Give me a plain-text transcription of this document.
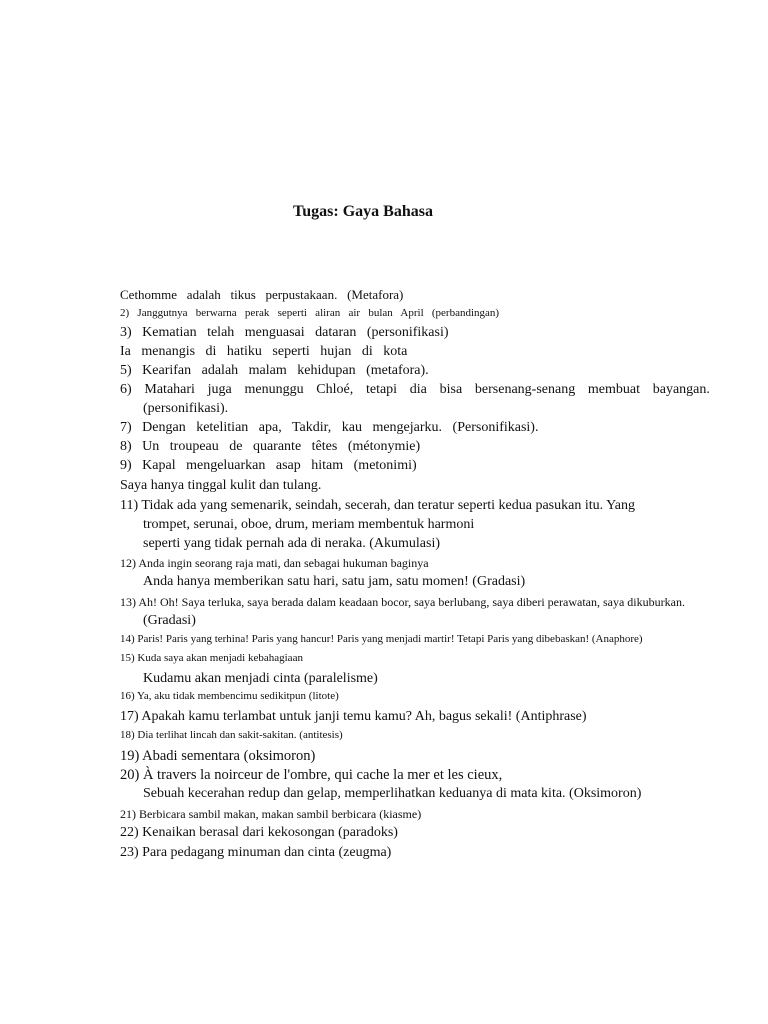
Tugas: Gaya Bahasa
Cethomme   adalah   tikus   perpustakaan.   (Metafora)
2)   Janggutnya   berwarna   perak   seperti   aliran   air   bulan   April   (perbandingan)
3)   Kematian   telah   menguasai   dataran   (personifikasi)
Ia   menangis   di   hatiku   seperti   hujan   di   kota
5)   Kearifan   adalah   malam   kehidupan   (metafora).
6) Matahari juga menunggu Chloé, tetapi dia bisa bersenang-senang membuat bayangan.
(personifikasi).
7)   Dengan   ketelitian   apa,   Takdir,   kau   mengejarku.   (Personifikasi).
8)   Un   troupeau   de   quarante   têtes   (métonymie)
9)   Kapal   mengeluarkan   asap   hitam   (metonimi)
Saya hanya tinggal kulit dan tulang.
11) Tidak ada yang semenarik, seindah, secerah, dan teratur seperti kedua pasukan itu. Yang
trompet, serunai, oboe, drum, meriam membentuk harmoni
seperti yang tidak pernah ada di neraka. (Akumulasi)
12) Anda ingin seorang raja mati, dan sebagai hukuman baginya
Anda hanya memberikan satu hari, satu jam, satu momen! (Gradasi)
13) Ah! Oh! Saya terluka, saya berada dalam keadaan bocor, saya berlubang, saya diberi perawatan, saya dikuburkan.
(Gradasi)
14) Paris! Paris yang terhina! Paris yang hancur! Paris yang menjadi martir! Tetapi Paris yang dibebaskan! (Anaphore)
15) Kuda saya akan menjadi kebahagiaan
Kudamu akan menjadi cinta (paralelisme)
16) Ya, aku tidak membencimu sedikitpun (litote)
17) Apakah kamu terlambat untuk janji temu kamu? Ah, bagus sekali! (Antiphrase)
18) Dia terlihat lincah dan sakit-sakitan. (antitesis)
19) Abadi sementara (oksimoron)
20) À travers la noirceur de l'ombre, qui cache la mer et les cieux,
Sebuah kecerahan redup dan gelap, memperlihatkan keduanya di mata kita. (Oksimoron)
21) Berbicara sambil makan, makan sambil berbicara (kiasme)
22) Kenaikan berasal dari kekosongan (paradoks)
23) Para pedagang minuman dan cinta (zeugma)
